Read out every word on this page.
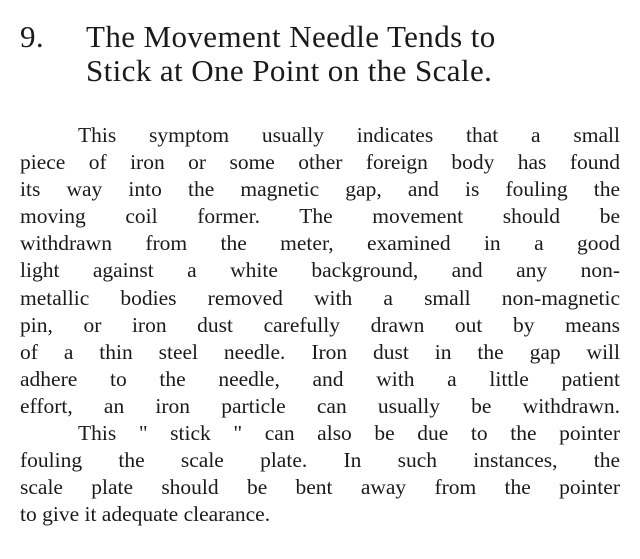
9.	The Movement Needle Tends to
Stick at One Point on the Scale.
This symptom usually indicates that a small
piece of iron or some other foreign body has found
its way into the magnetic gap, and is fouling the
moving coil former. The movement should be
withdrawn from the meter, examined in a good
light against a white background, and any non-
metallic bodies removed with a small non-magnetic
pin, or iron dust carefully drawn out by means
of a thin steel needle. Iron dust in the gap will
adhere to the needle, and with a little patient
effort, an iron particle can usually be withdrawn.
This " stick " can also be due to the pointer
fouling the scale plate. In such instances, the
scale plate should be bent away from the pointer
to give it adequate clearance.
